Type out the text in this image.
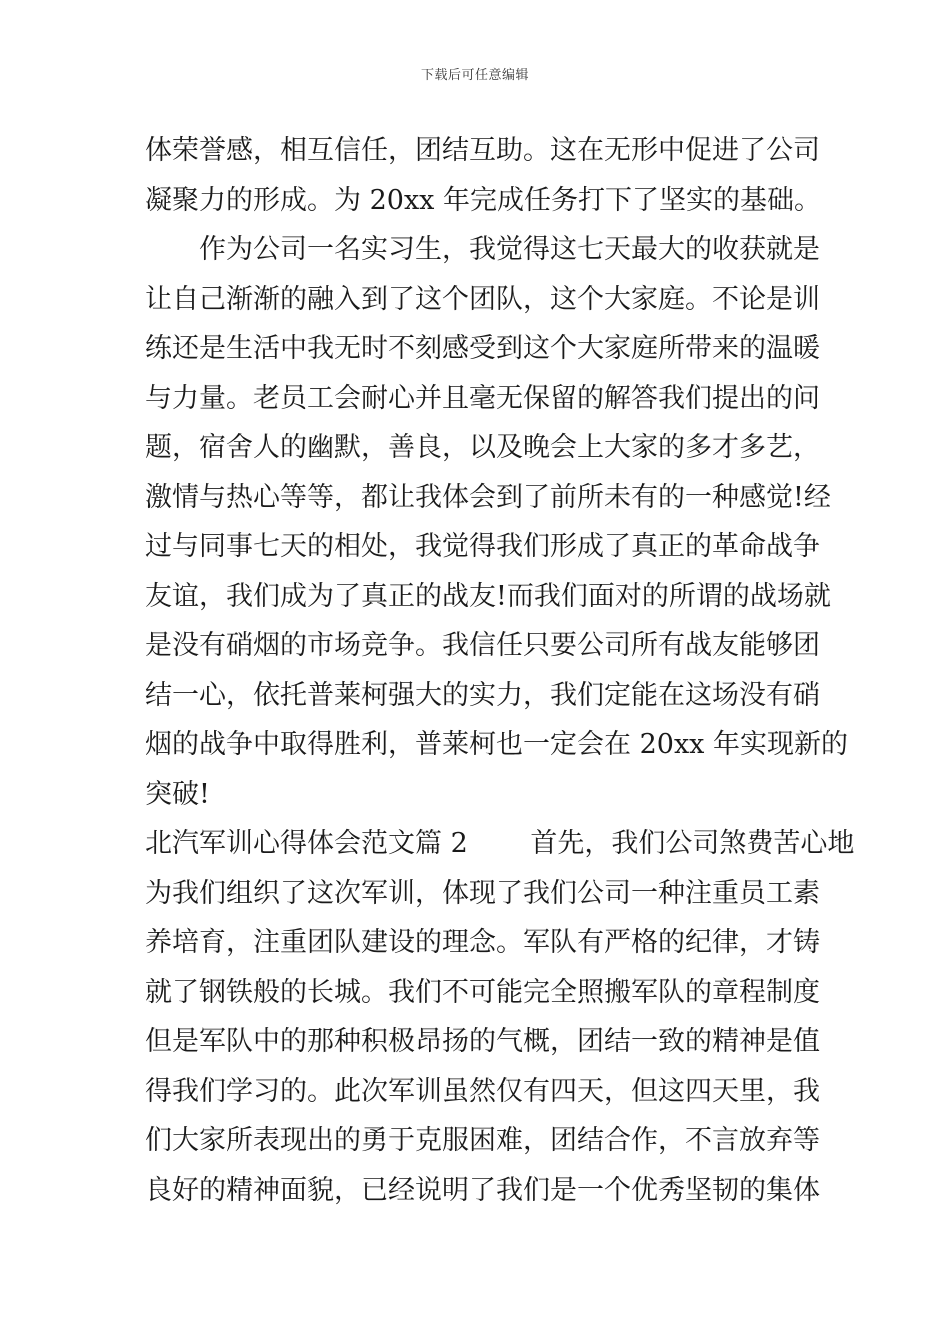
下载后可任意编辑
体荣誉感，相互信任，团结互助。这在无形中促进了公司
凝聚力的形成。为 20xx 年完成任务打下了坚实的基础。
作为公司一名实习生，我觉得这七天最大的收获就是
让自己渐渐的融入到了这个团队，这个大家庭。不论是训
练还是生活中我无时不刻感受到这个大家庭所带来的温暖
与力量。老员工会耐心并且毫无保留的解答我们提出的问
题，宿舍人的幽默，善良，以及晚会上大家的多才多艺，
激情与热心等等，都让我体会到了前所未有的一种感觉!经
过与同事七天的相处，我觉得我们形成了真正的革命战争
友谊，我们成为了真正的战友!而我们面对的所谓的战场就
是没有硝烟的市场竞争。我信任只要公司所有战友能够团
结一心，依托普莱柯强大的实力，我们定能在这场没有硝
烟的战争中取得胜利，普莱柯也一定会在 20xx 年实现新的
突破!
北汽军训心得体会范文篇 2　　 首先，我们公司煞费苦心地
为我们组织了这次军训，体现了我们公司一种注重员工素
养培育，注重团队建设的理念。军队有严格的纪律，才铸
就了钢铁般的长城。我们不可能完全照搬军队的章程制度
但是军队中的那种积极昂扬的气概，团结一致的精神是值
得我们学习的。此次军训虽然仅有四天，但这四天里，我
们大家所表现出的勇于克服困难，团结合作，不言放弃等
良好的精神面貌，已经说明了我们是一个优秀坚韧的集体
